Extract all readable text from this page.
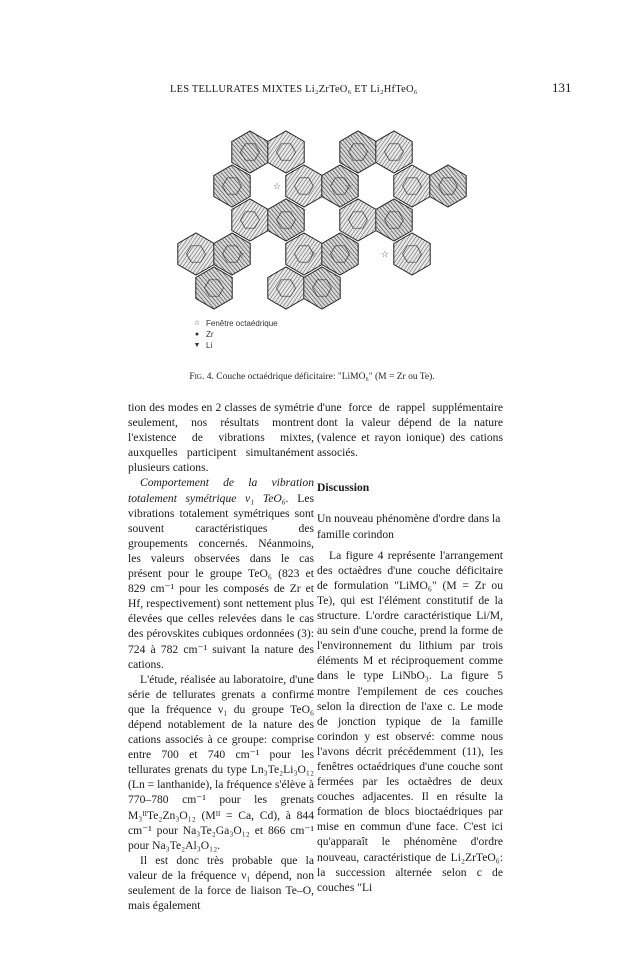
LES TELLURATES MIXTES Li₂ZrTeO₆ ET Li₂HfTeO₆	131
☆	☆
☆	☆	☆
☆ Fenêtre octaédrique
● Zr
▼ Li
Fig. 4. Couche octaédrique déficitaire: "LiMO₆" (M = Zr ou Te).

tion des modes en 2 classes de symétrie seulement, nos résultats montrent l'existence de vibrations mixtes, auxquelles participent simultanément plusieurs cations.

Comportement de la vibration totalement symétrique ν₁ TeO₆. Les vibrations totalement symétriques sont souvent caractéristiques des groupements concernés. Néanmoins, les valeurs observées dans le cas présent pour le groupe TeO₆ (823 et 829 cm⁻¹ pour les composés de Zr et Hf, respectivement) sont nettement plus élevées que celles relevées dans le cas des pérovskites cubiques ordonnées (3): 724 à 782 cm⁻¹ suivant la nature des cations.

L'étude, réalisée au laboratoire, d'une série de tellurates grenats a confirmé que la fréquence ν₁ du groupe TeO₆ dépend notablement de la nature des cations associés à ce groupe: comprise entre 700 et 740 cm⁻¹ pour les tellurates grenats du type Ln₃Te₂Li₃O₁₂ (Ln = lanthanide), la fréquence s'élève à 770–780 cm⁻¹ pour les grenats M₃ᴵᴵTe₂Zn₃O₁₂ (Mᴵᴵ = Ca, Cd), à 844 cm⁻¹ pour Na₃Te₂Ga₃O₁₂ et 866 cm⁻¹ pour Na₃Te₂Al₃O₁₂.

Il est donc très probable que la valeur de la fréquence ν₁ dépend, non seulement de la force de liaison Te–O, mais également

d'une force de rappel supplémentaire dont la valeur dépend de la nature (valence et rayon ionique) des cations associés.

Discussion
Un nouveau phénomène d'ordre dans la famille corindon

La figure 4 représente l'arrangement des octaèdres d'une couche déficitaire de formulation "LiMO₆" (M = Zr ou Te), qui est l'élément constitutif de la structure. L'ordre caractéristique Li/M, au sein d'une couche, prend la forme de l'environnement du lithium par trois éléments M et réciproquement comme dans le type LiNbO₃. La figure 5 montre l'empilement de ces couches selon la direction de l'axe c. Le mode de jonction typique de la famille corindon y est observé: comme nous l'avons décrit précédemment (11), les fenêtres octaédriques d'une couche sont fermées par les octaèdres de deux couches adjacentes. Il en résulte la formation de blocs bioctaédriques par mise en commun d'une face. C'est ici qu'apparaît le phénomène d'ordre nouveau, caractéristique de Li₂ZrTeO₆: la succession alternée selon c de couches "Li
